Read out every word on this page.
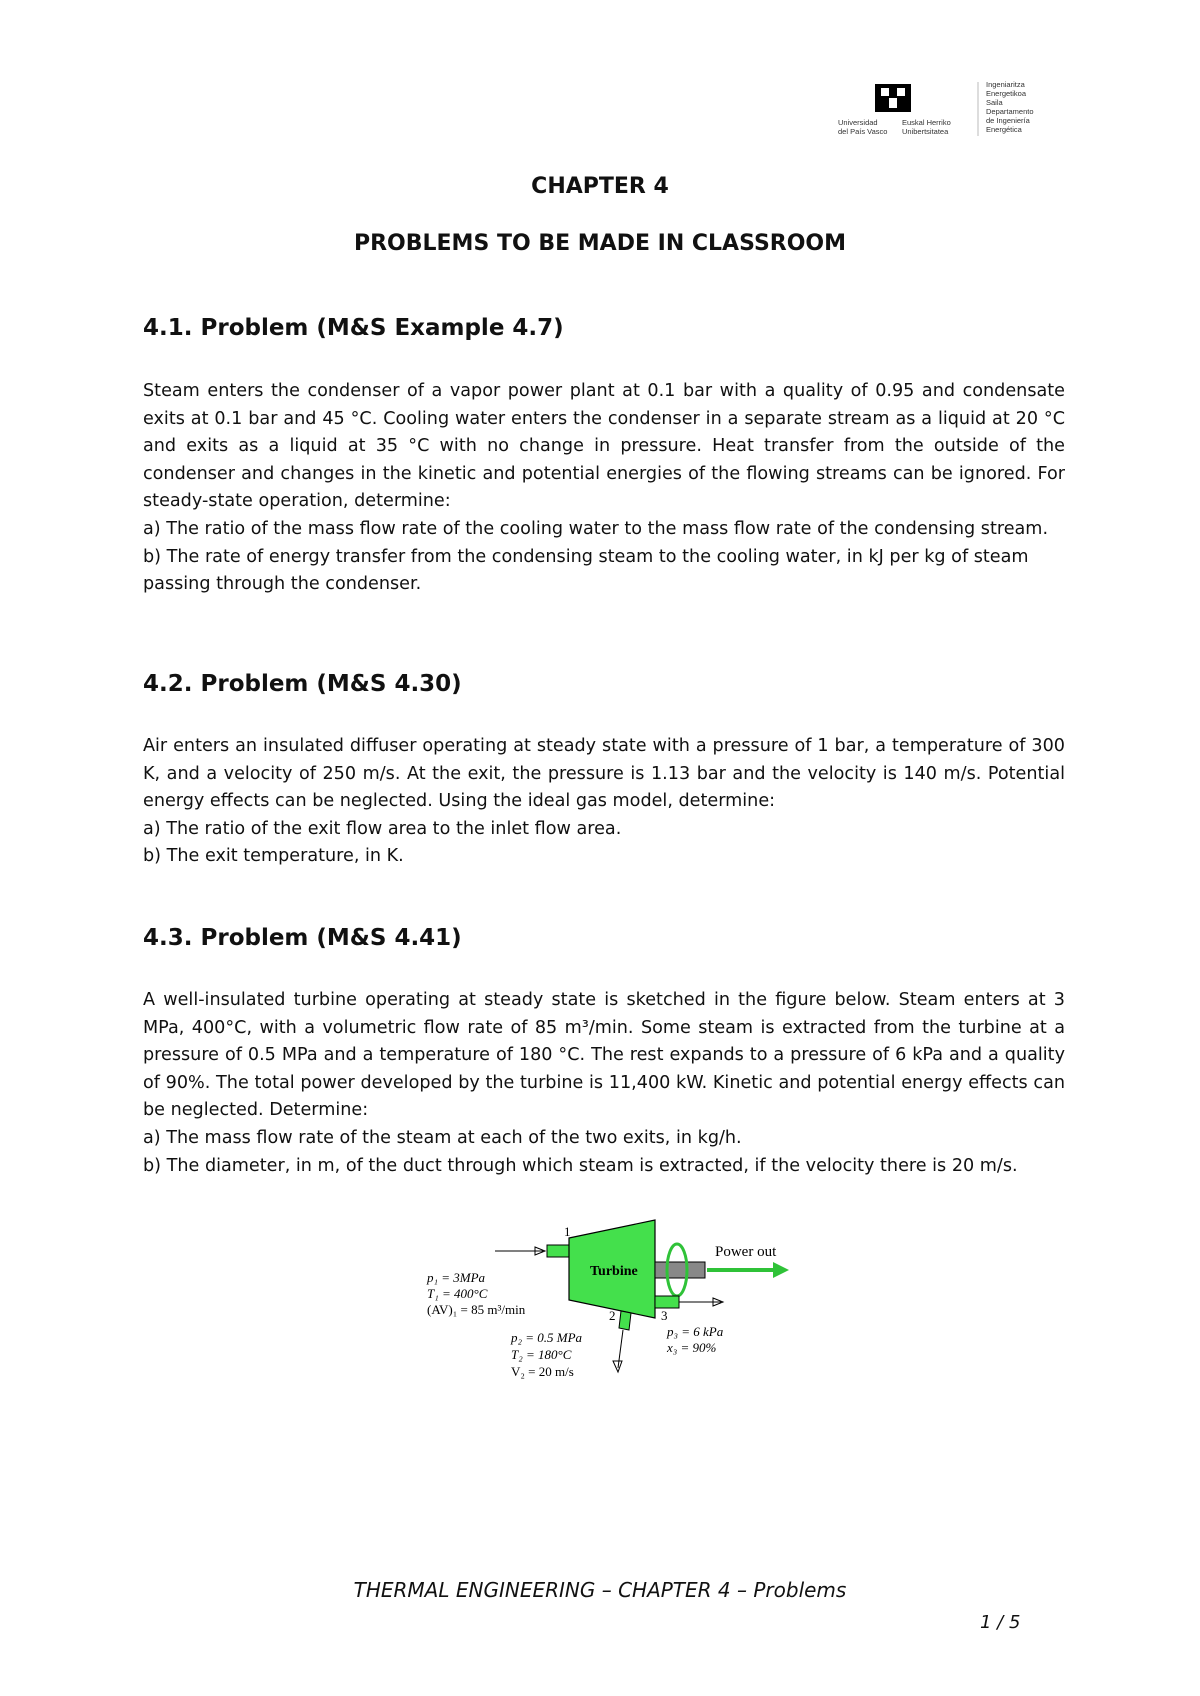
Universidad
del País Vasco
Euskal Herriko
Unibertsitatea
Ingeniaritza
Energetikoa
Saila
Departamento
de Ingeniería
Energética
CHAPTER 4
PROBLEMS TO BE MADE IN CLASSROOM
4.1. Problem (M&S Example 4.7)

Steam enters the condenser of a vapor power plant at 0.1 bar with a quality of 0.95 and condensate exits at 0.1 bar and 45 °C. Cooling water enters the condenser in a separate stream as a liquid at 20 °C and exits as a liquid at 35 °C with no change in pressure. Heat transfer from the outside of the condenser and changes in the kinetic and potential energies of the flowing streams can be ignored. For steady-state operation, determine:

a) The ratio of the mass flow rate of the cooling water to the mass flow rate of the condensing stream.

b) The rate of energy transfer from the condensing steam to the cooling water, in kJ per kg of steam passing through the condenser.

4.2. Problem (M&S 4.30)

Air enters an insulated diffuser operating at steady state with a pressure of 1 bar, a temperature of 300 K, and a velocity of 250 m/s. At the exit, the pressure is 1.13 bar and the velocity is 140 m/s. Potential energy effects can be neglected. Using the ideal gas model, determine:

a) The ratio of the exit flow area to the inlet flow area.

b) The exit temperature, in K.

4.3. Problem (M&S 4.41)

A well-insulated turbine operating at steady state is sketched in the figure below. Steam enters at 3 MPa, 400°C, with a volumetric flow rate of 85 m³/min. Some steam is extracted from the turbine at a pressure of 0.5 MPa and a temperature of 180 °C. The rest expands to a pressure of 6 kPa and a quality of 90%. The total power developed by the turbine is 11,400 kW. Kinetic and potential energy effects can be neglected. Determine:

a) The mass flow rate of the steam at each of the two exits, in kg/h.

b) The diameter, in m, of the duct through which steam is extracted, if the velocity there is 20 m/s.

1
2	3
Turbine
Power out
p₁ = 3MPa
T₁ = 400°C
(AV)₁ = 85 m³/min
p₂ = 0.5 MPa
T₂ = 180°C
V₂ = 20 m/s
p₃ = 6 kPa
x₃ = 90%
THERMAL ENGINEERING – CHAPTER 4 – Problems
1 / 5
